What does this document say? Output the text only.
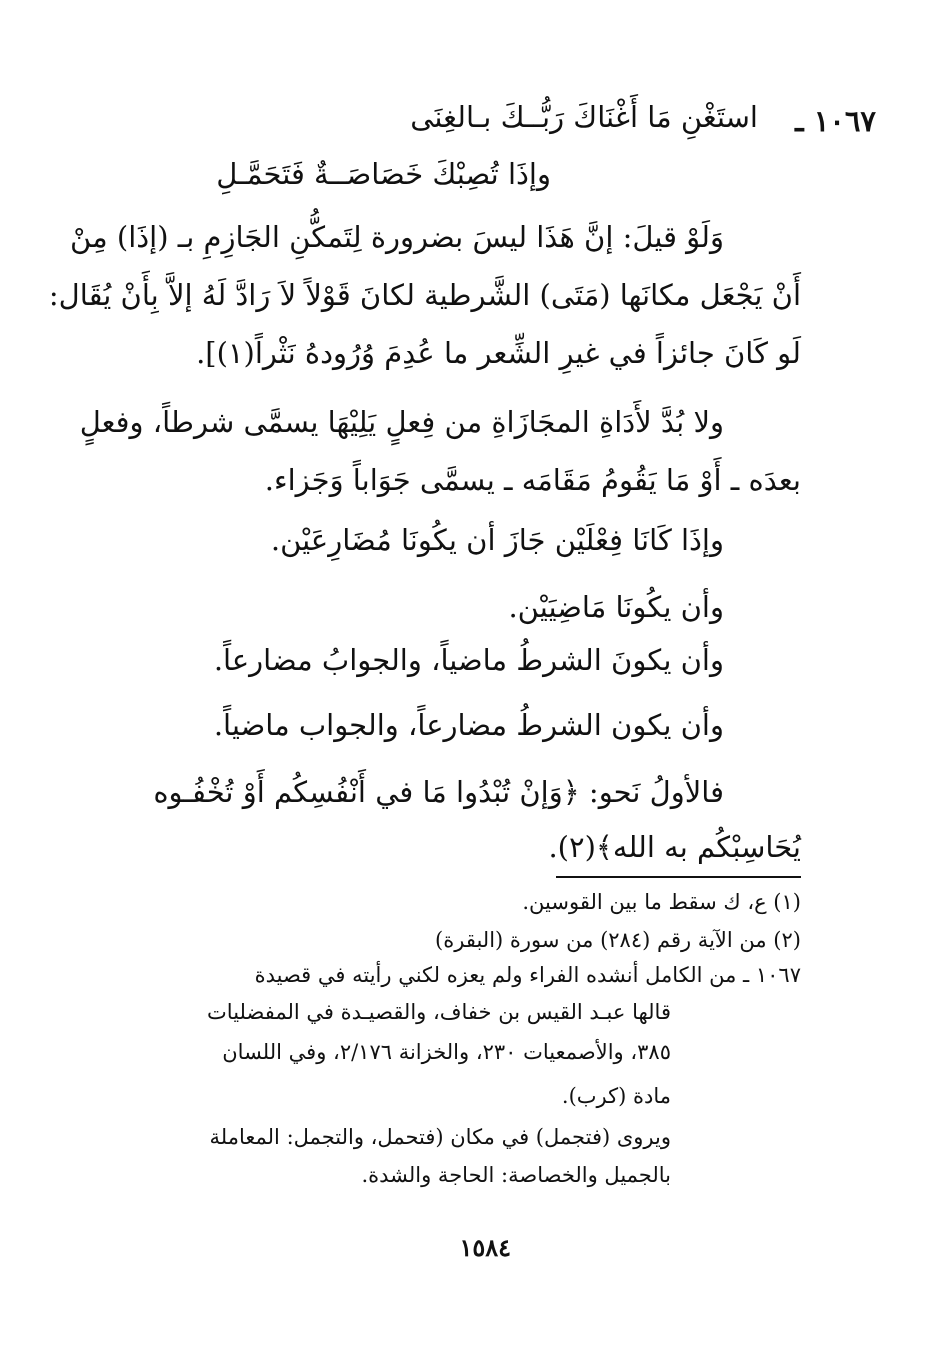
١٠٦٧ ـ
استَغْنِ مَا أَغْنَاكَ رَبُّــكَ بـالغِنَى
وإذَا تُصِبْكَ خَصَاصَــةٌ فَتَحَمَّـلِ
وَلَوْ قيلَ: إنَّ هَذَا ليسَ بضرورة لِتَمكُّنِ الجَازِمِ بـ (إذَا) مِنْ
أَنْ يَجْعَل مكانَها (مَتَى) الشَّرطية لكانَ قَوْلاً لاَ رَادَّ لَهُ إلاَّ بِأَنْ يُقَال:
لَو كَانَ جائزاً في غيرِ الشِّعر ما عُدِمَ وُرُودهُ نَثْراً(١)].
ولا بُدَّ لأَدَاةِ المجَازَاةِ من فِعلٍ يَلِيْهَا يسمَّى شرطاً، وفعلٍ
بعدَه ـ أَوْ مَا يَقُومُ مَقَامَه ـ يسمَّى جَوَاباً وَجَزاء.
وإذَا كَانَا فِعْلَيْن جَازَ أن يكُونَا مُضَارِعَيْن.
وأن يكُونَا مَاضِيَيْن.
وأن يكونَ الشرطُ ماضياً، والجوابُ مضارعاً.
وأن يكون الشرطُ مضارعاً، والجواب ماضياً.
فالأولُ نَحو: ﴿وَإنْ تُبْدُوا مَا في أَنْفُسِكُم أَوْ تُخْفُـوه
يُحَاسِبْكُم به الله﴾(٢).
(١) ع، ك سقط ما بين القوسين.
(٢) من الآية رقم (٢٨٤) من سورة (البقرة)
١٠٦٧ ـ من الكامل أنشده الفراء ولم يعزه لكني رأيته في قصيدة
قالها عبـد القيس بن خفاف، والقصيـدة في المفضليات
٣٨٥، والأصمعيات ٢٣٠، والخزانة ٢/١٧٦، وفي اللسان
مادة (كرب).
ويروى (فتجمل) في مكان (فتحمل، والتجمل: المعاملة
بالجميل والخصاصة: الحاجة والشدة.
١٥٨٤
